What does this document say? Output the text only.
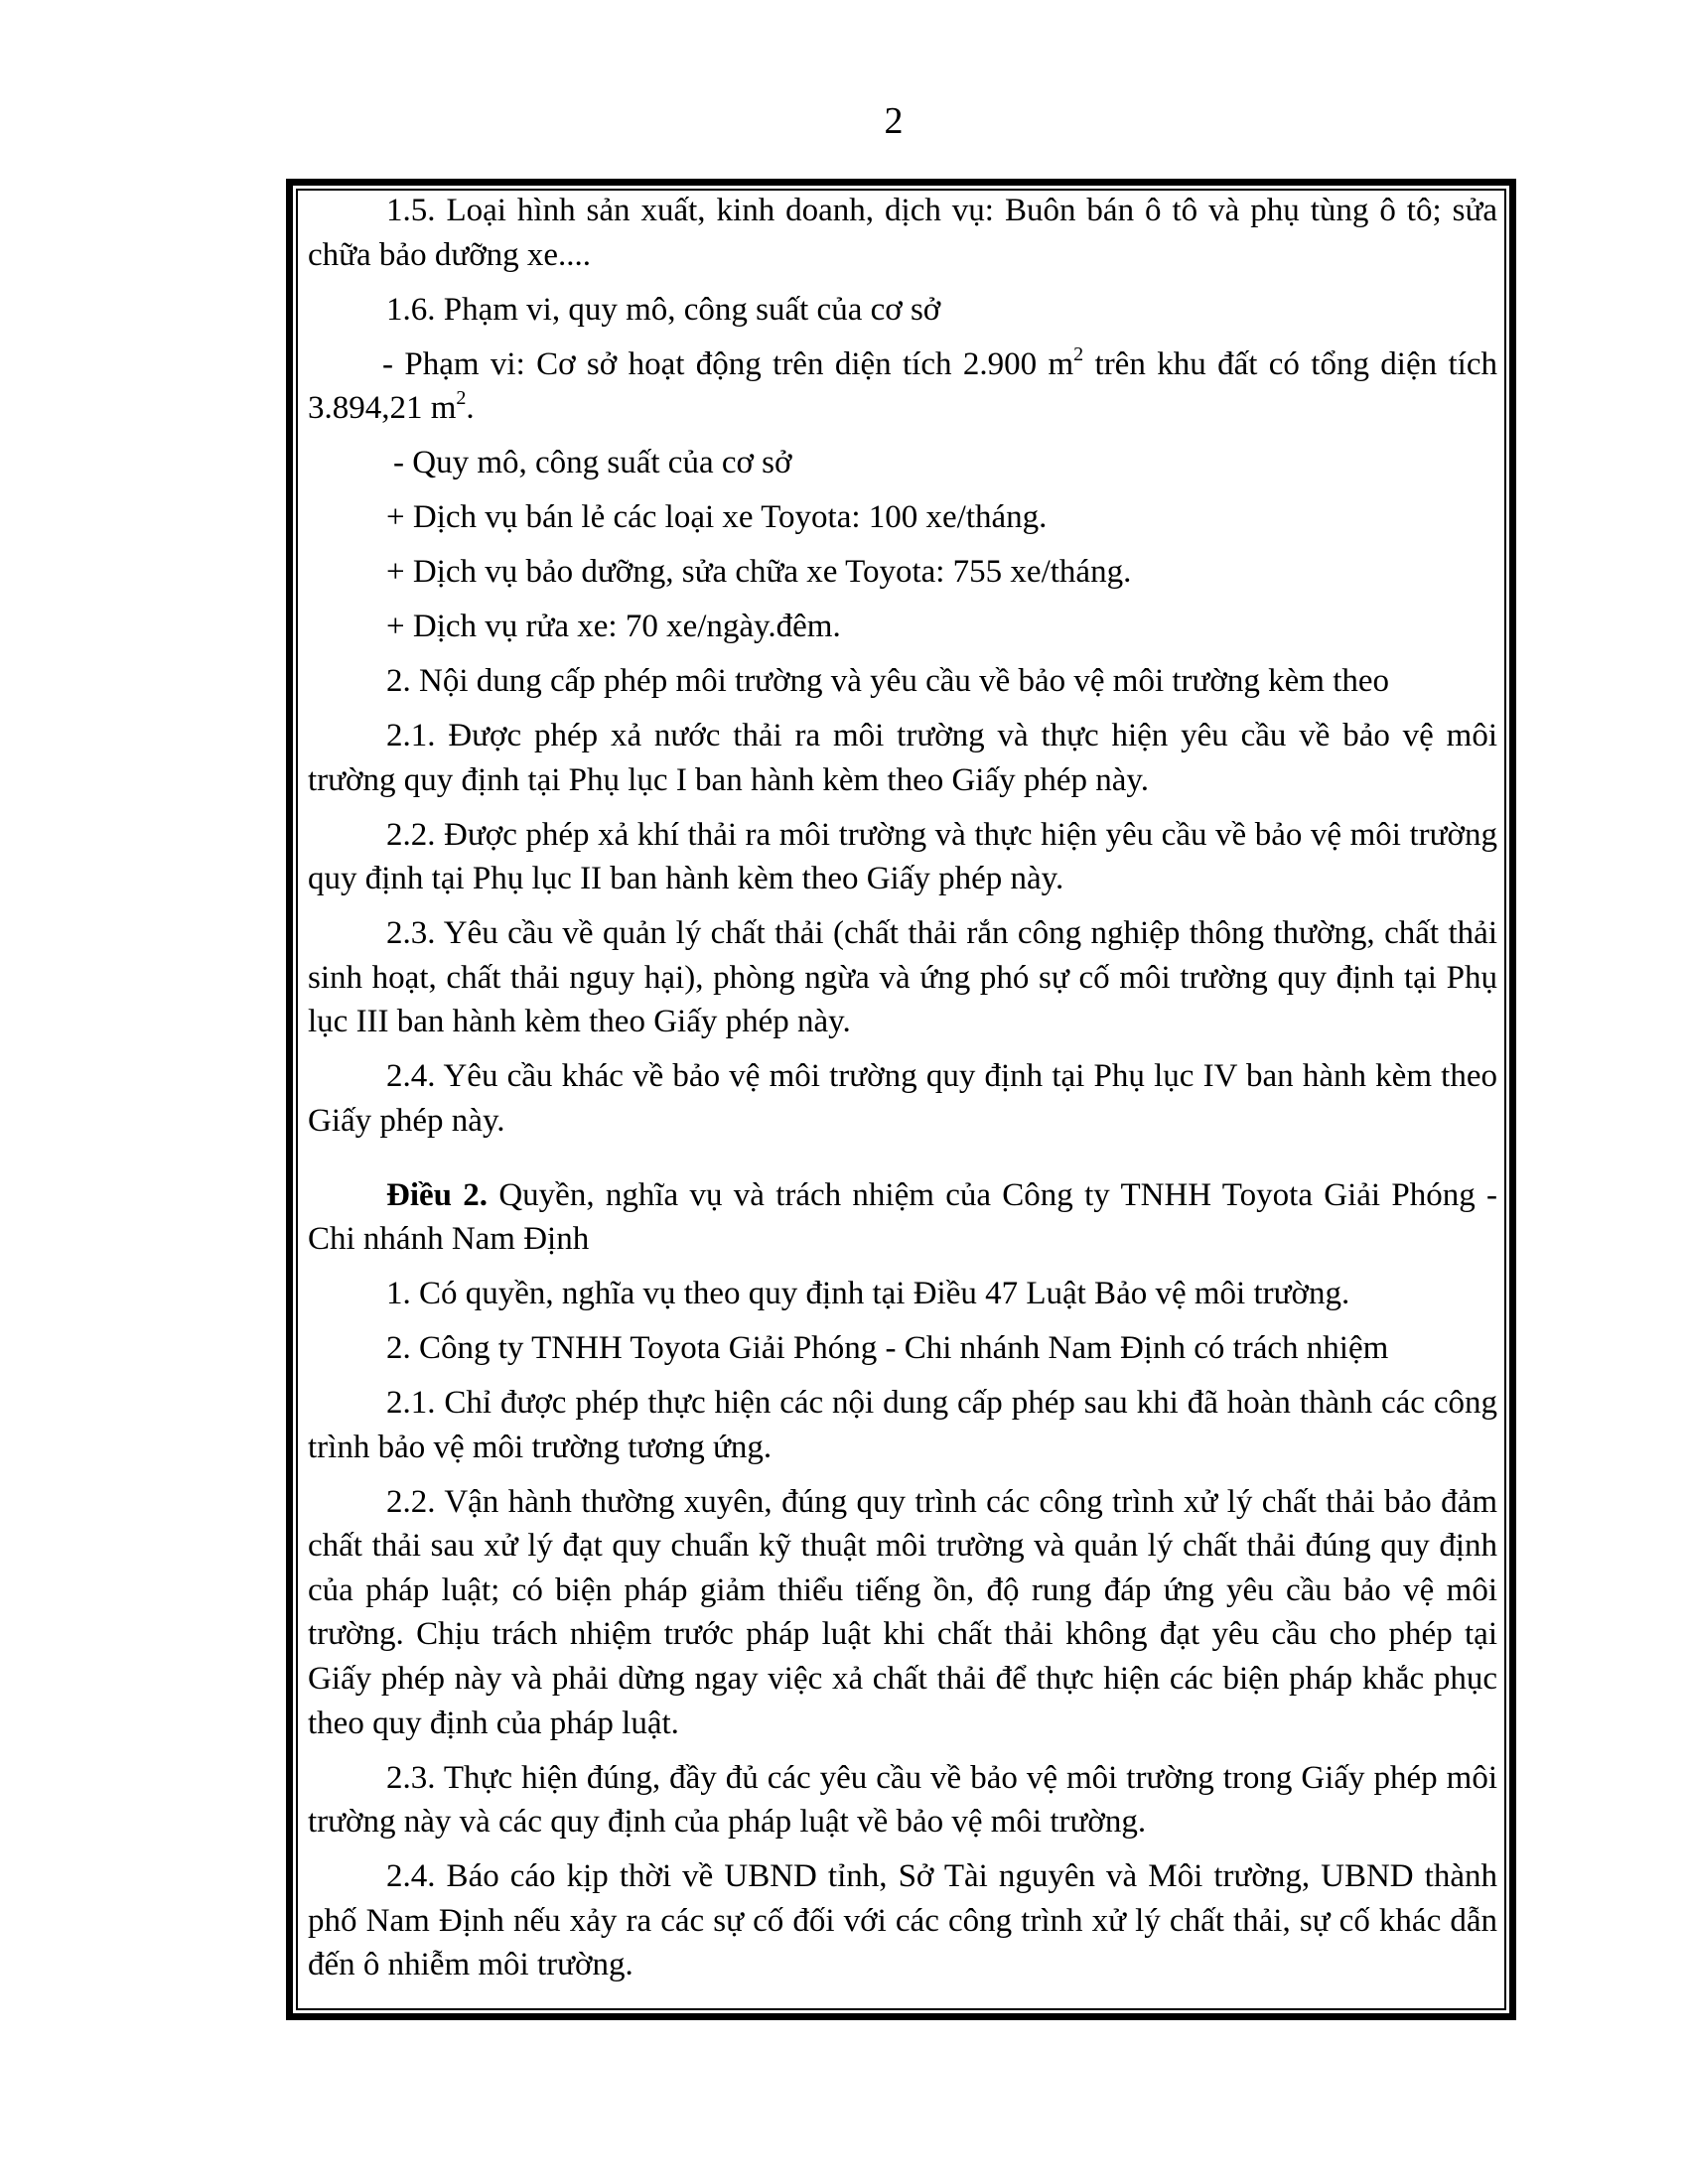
2

1.5. Loại hình sản xuất, kinh doanh, dịch vụ: Buôn bán ô tô và phụ tùng ô tô; sửa chữa bảo dưỡng xe....

1.6. Phạm vi, quy mô, công suất của cơ sở

- Phạm vi: Cơ sở hoạt động trên diện tích 2.900 $m^2$ trên khu đất có tổng diện tích 3.894,21 $m^2$.

- Quy mô, công suất của cơ sở

+ Dịch vụ bán lẻ các loại xe Toyota: 100 xe/tháng.

+ Dịch vụ bảo dưỡng, sửa chữa xe Toyota: 755 xe/tháng.

+ Dịch vụ rửa xe: 70 xe/ngày.đêm.

2. Nội dung cấp phép môi trường và yêu cầu về bảo vệ môi trường kèm theo

2.1. Được phép xả nước thải ra môi trường và thực hiện yêu cầu về bảo vệ môi trường quy định tại Phụ lục I ban hành kèm theo Giấy phép này.

2.2. Được phép xả khí thải ra môi trường và thực hiện yêu cầu về bảo vệ môi trường quy định tại Phụ lục II ban hành kèm theo Giấy phép này.

2.3. Yêu cầu về quản lý chất thải (chất thải rắn công nghiệp thông thường, chất thải sinh hoạt, chất thải nguy hại), phòng ngừa và ứng phó sự cố môi trường quy định tại Phụ lục III ban hành kèm theo Giấy phép này.

2.4. Yêu cầu khác về bảo vệ môi trường quy định tại Phụ lục IV ban hành kèm theo Giấy phép này.

Điều 2. Quyền, nghĩa vụ và trách nhiệm của Công ty TNHH Toyota Giải Phóng - Chi nhánh Nam Định

1. Có quyền, nghĩa vụ theo quy định tại Điều 47 Luật Bảo vệ môi trường.

2. Công ty TNHH Toyota Giải Phóng - Chi nhánh Nam Định có trách nhiệm

2.1. Chỉ được phép thực hiện các nội dung cấp phép sau khi đã hoàn thành các công trình bảo vệ môi trường tương ứng.

2.2. Vận hành thường xuyên, đúng quy trình các công trình xử lý chất thải bảo đảm chất thải sau xử lý đạt quy chuẩn kỹ thuật môi trường và quản lý chất thải đúng quy định của pháp luật; có biện pháp giảm thiểu tiếng ồn, độ rung đáp ứng yêu cầu bảo vệ môi trường. Chịu trách nhiệm trước pháp luật khi chất thải không đạt yêu cầu cho phép tại Giấy phép này và phải dừng ngay việc xả chất thải để thực hiện các biện pháp khắc phục theo quy định của pháp luật.

2.3. Thực hiện đúng, đầy đủ các yêu cầu về bảo vệ môi trường trong Giấy phép môi trường này và các quy định của pháp luật về bảo vệ môi trường.

2.4. Báo cáo kịp thời về UBND tỉnh, Sở Tài nguyên và Môi trường, UBND thành phố Nam Định nếu xảy ra các sự cố đối với các công trình xử lý chất thải, sự cố khác dẫn đến ô nhiễm môi trường.
